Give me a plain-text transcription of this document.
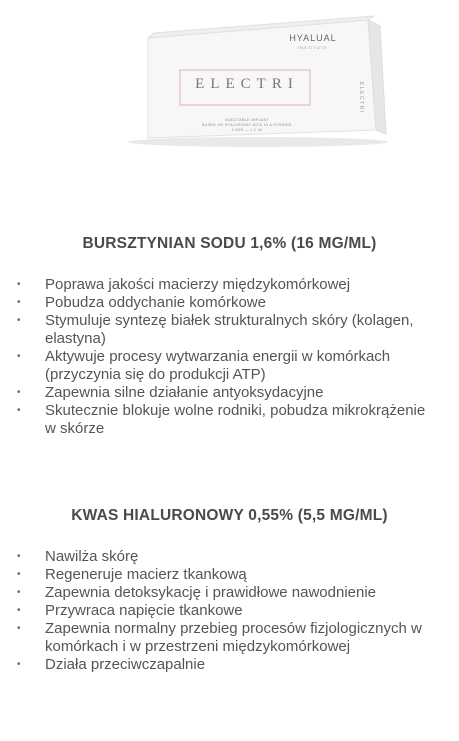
HYALUAL
INSTITUTE
ELECTRI
INJECTABLE IMPLANT
BASED ON HYALURONIC ACID IN A SYRINGE
0,55% — 1,1 ml
ELECTRI
BURSZTYNIAN SODU 1,6% (16 MG/ML)
• Poprawa jakości macierzy międzykomórkowej
• Pobudza oddychanie komórkowe
• Stymuluje syntezę białek strukturalnych skóry (kolagen, elastyna)
• Aktywuje procesy wytwarzania energii w komórkach (przyczynia się do produkcji ATP)
• Zapewnia silne działanie antyoksydacyjne
• Skutecznie blokuje wolne rodniki, pobudza mikrokrążenie w skórze
KWAS HIALURONOWY 0,55% (5,5 MG/ML)
• Nawilża skórę
• Regeneruje macierz tkankową
• Zapewnia detoksykację i prawidłowe nawodnienie
• Przywraca napięcie tkankowe
• Zapewnia normalny przebieg procesów fizjologicznych w komórkach i w przestrzeni międzykomórkowej
• Działa przeciwczapalnie
